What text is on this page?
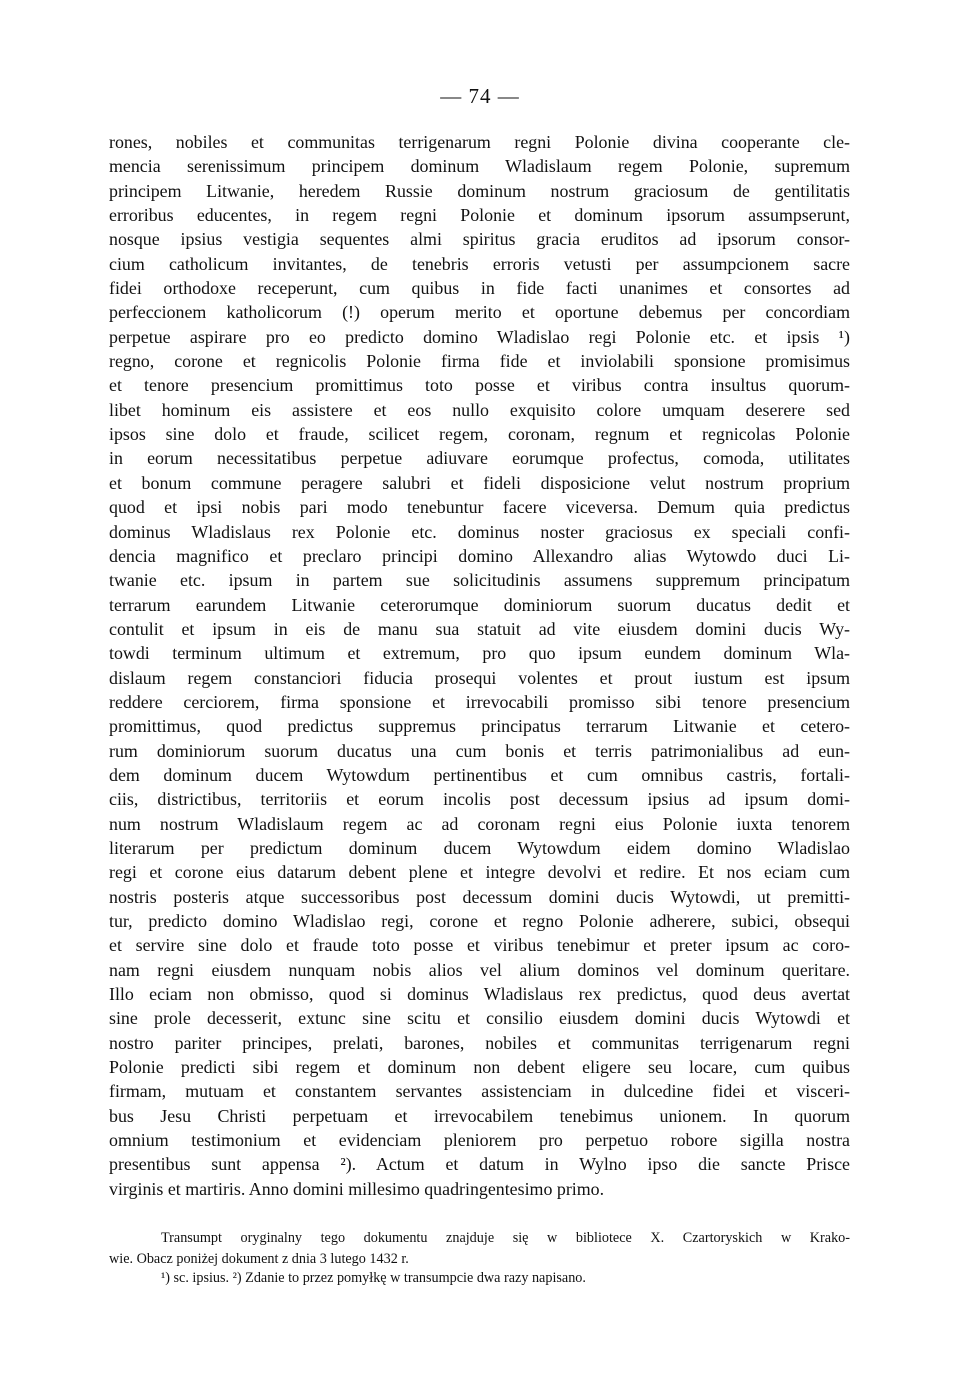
— 74 —
rones, nobiles et communitas terrigenarum regni Polonie divina cooperante cle-
mencia serenissimum principem dominum Wladislaum regem Polonie, supremum
principem Litwanie, heredem Russie dominum nostrum graciosum de gentilitatis
erroribus educentes, in regem regni Polonie et dominum ipsorum assumpserunt,
nosque ipsius vestigia sequentes almi spiritus gracia eruditos ad ipsorum consor-
cium catholicum invitantes, de tenebris erroris vetusti per assumpcionem sacre
fidei orthodoxe receperunt, cum quibus in fide facti unanimes et consortes ad
perfeccionem katholicorum (!) operum merito et oportune debemus per concordiam
perpetue aspirare pro eo predicto domino Wladislao regi Polonie etc. et ipsis ¹)
regno, corone et regnicolis Polonie firma fide et inviolabili sponsione promisimus
et tenore presencium promittimus toto posse et viribus contra insultus quorum-
libet hominum eis assistere et eos nullo exquisito colore umquam deserere sed
ipsos sine dolo et fraude, scilicet regem, coronam, regnum et regnicolas Polonie
in eorum necessitatibus perpetue adiuvare eorumque profectus, comoda, utilitates
et bonum commune peragere salubri et fideli disposicione velut nostrum proprium
quod et ipsi nobis pari modo tenebuntur facere viceversa. Demum quia predictus
dominus Wladislaus rex Polonie etc. dominus noster graciosus ex speciali confi-
dencia magnifico et preclaro principi domino Allexandro alias Wytowdo duci Li-
twanie etc. ipsum in partem sue solicitudinis assumens suppremum principatum
terrarum earundem Litwanie ceterorumque dominiorum suorum ducatus dedit et
contulit et ipsum in eis de manu sua statuit ad vite eiusdem domini ducis Wy-
towdi terminum ultimum et extremum, pro quo ipsum eundem dominum Wla-
dislaum regem constanciori fiducia prosequi volentes et prout iustum est ipsum
reddere cerciorem, firma sponsione et irrevocabili promisso sibi tenore presencium
promittimus, quod predictus suppremus principatus terrarum Litwanie et cetero-
rum dominiorum suorum ducatus una cum bonis et terris patrimonialibus ad eun-
dem dominum ducem Wytowdum pertinentibus et cum omnibus castris, fortali-
ciis, districtibus, territoriis et eorum incolis post decessum ipsius ad ipsum domi-
num nostrum Wladislaum regem ac ad coronam regni eius Polonie iuxta tenorem
literarum per predictum dominum ducem Wytowdum eidem domino Wladislao
regi et corone eius datarum debent plene et integre devolvi et redire. Et nos eciam cum
nostris posteris atque successoribus post decessum domini ducis Wytowdi, ut premitti-
tur, predicto domino Wladislao regi, corone et regno Polonie adherere, subici, obsequi
et servire sine dolo et fraude toto posse et viribus tenebimur et preter ipsum ac coro-
nam regni eiusdem nunquam nobis alios vel alium dominos vel dominum queritare.
Illo eciam non obmisso, quod si dominus Wladislaus rex predictus, quod deus avertat
sine prole decesserit, extunc sine scitu et consilio eiusdem domini ducis Wytowdi et
nostro pariter principes, prelati, barones, nobiles et communitas terrigenarum regni
Polonie predicti sibi regem et dominum non debent eligere seu locare, cum quibus
firmam, mutuam et constantem servantes assistenciam in dulcedine fidei et visceri-
bus Jesu Christi perpetuam et irrevocabilem tenebimus unionem. In quorum
omnium testimonium et evidenciam pleniorem pro perpetuo robore sigilla nostra
presentibus sunt appensa ²). Actum et datum in Wylno ipso die sancte Prisce
virginis et martiris. Anno domini millesimo quadringentesimo primo.
Transumpt oryginalny tego dokumentu znajduje się w bibliotece X. Czartoryskich w Krako-
wie. Obacz poniżej dokument z dnia 3 lutego 1432 r.
¹) sc. ipsius. ²) Zdanie to przez pomyłkę w transumpcie dwa razy napisano.
